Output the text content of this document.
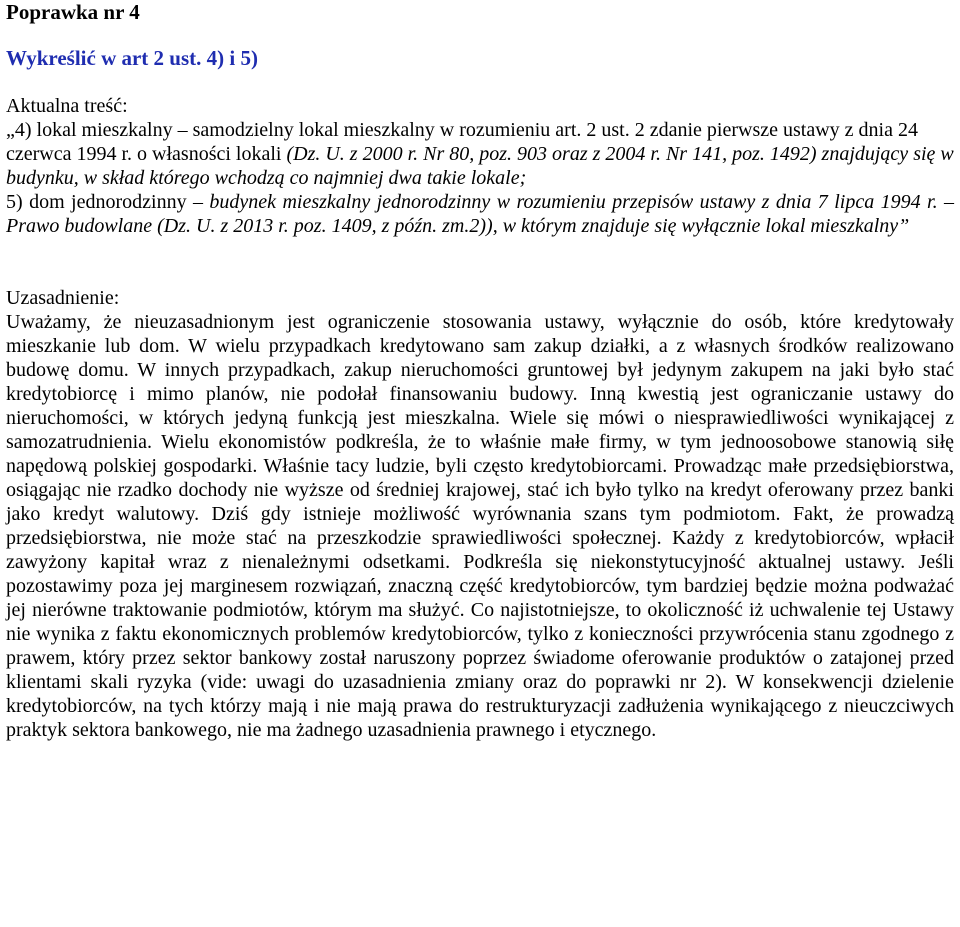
Poprawka nr 4
Wykreślić w art 2 ust. 4) i 5)
Aktualna treść:

„4) lokal mieszkalny – samodzielny lokal mieszkalny w rozumieniu art. 2 ust. 2 zdanie pierwsze ustawy z dnia 24 czerwca 1994 r. o własności lokali (Dz. U. z 2000 r. Nr 80, poz. 903 oraz z 2004 r. Nr 141, poz. 1492) znajdujący się w budynku, w skład którego wchodzą co najmniej dwa takie lokale;

5) dom jednorodzinny – budynek mieszkalny jednorodzinny w rozumieniu przepisów ustawy z dnia 7 lipca 1994 r. – Prawo budowlane (Dz. U. z 2013 r. poz. 1409, z późn. zm.2)), w którym znajduje się wyłącznie lokal mieszkalny”

Uzasadnienie:

Uważamy, że nieuzasadnionym jest ograniczenie stosowania ustawy, wyłącznie do osób, które kredytowały mieszkanie lub dom. W wielu przypadkach kredytowano sam zakup działki, a z własnych środków realizowano budowę domu. W innych przypadkach, zakup nieruchomości gruntowej był jedynym zakupem na jaki było stać kredytobiorcę i mimo planów, nie podołał finansowaniu budowy. Inną kwestią jest ograniczanie ustawy do nieruchomości, w których jedyną funkcją jest mieszkalna. Wiele się mówi o niesprawiedliwości wynikającej z samozatrudnienia. Wielu ekonomistów podkreśla, że to właśnie małe firmy, w tym jednoosobowe stanowią siłę napędową polskiej gospodarki. Właśnie tacy ludzie, byli często kredytobiorcami. Prowadząc małe przedsiębiorstwa, osiągając nie rzadko dochody nie wyższe od średniej krajowej, stać ich było tylko na kredyt oferowany przez banki jako kredyt walutowy. Dziś gdy istnieje możliwość wyrównania szans tym podmiotom. Fakt, że prowadzą przedsiębiorstwa, nie może stać na przeszkodzie sprawiedliwości społecznej. Każdy z kredytobiorców, wpłacił zawyżony kapitał wraz z nienależnymi odsetkami. Podkreśla się niekonstytucyjność aktualnej ustawy. Jeśli pozostawimy poza jej marginesem rozwiązań, znaczną część kredytobiorców, tym bardziej będzie można podważać jej nierówne traktowanie podmiotów, którym ma służyć. Co najistotniejsze, to okoliczność iż uchwalenie tej Ustawy nie wynika z faktu ekonomicznych problemów kredytobiorców, tylko z konieczności przywrócenia stanu zgodnego z prawem, który przez sektor bankowy został naruszony poprzez świadome oferowanie produktów o zatajonej przed klientami skali ryzyka (vide: uwagi do uzasadnienia zmiany oraz do poprawki nr 2). W konsekwencji dzielenie kredytobiorców, na tych którzy mają i nie mają prawa do restrukturyzacji zadłużenia wynikającego z nieuczciwych praktyk sektora bankowego, nie ma żadnego uzasadnienia prawnego i etycznego.
